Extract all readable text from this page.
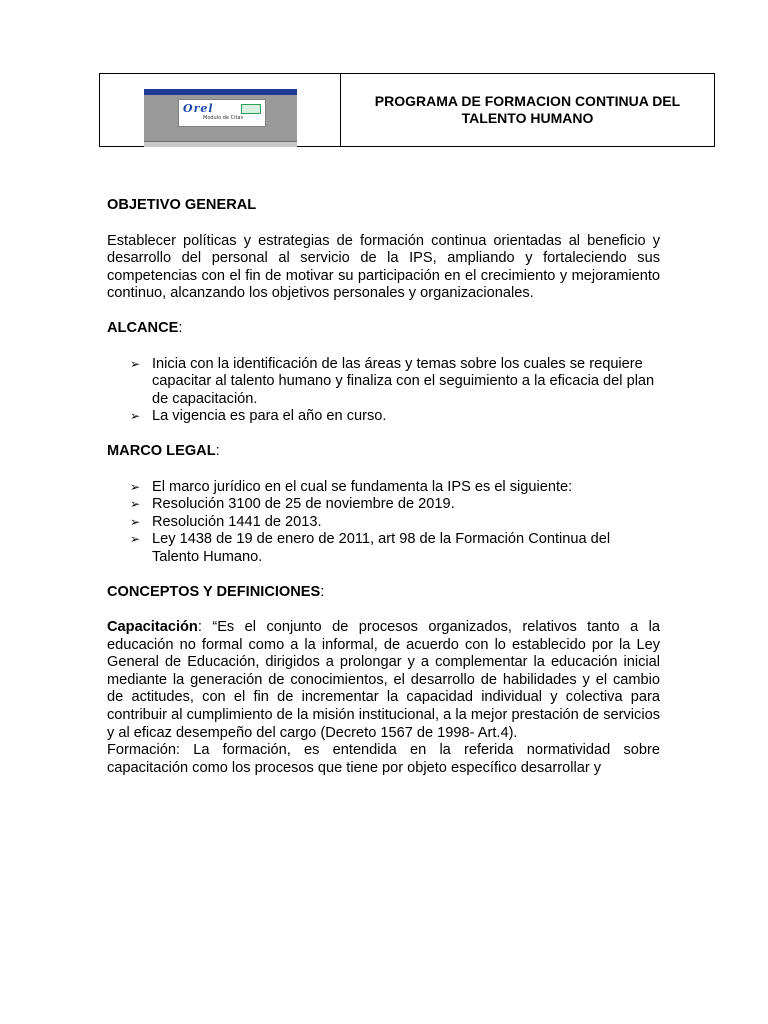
Orel
Modulo de Citas
PROGRAMA DE FORMACION CONTINUA DEL TALENTO HUMANO

OBJETIVO GENERAL

Establecer políticas y estrategias de formación continua orientadas al beneficio y desarrollo del personal al servicio de la IPS, ampliando y fortaleciendo sus competencias con el fin de motivar su participación en el crecimiento y mejoramiento continuo, alcanzando los objetivos personales y organizacionales.

ALCANCE:

➢ Inicia con la identificación de las áreas y temas sobre los cuales se requiere capacitar al talento humano y finaliza con el seguimiento a la eficacia del plan de capacitación.
➢ La vigencia es para el año en curso.

MARCO LEGAL:

➢ El marco jurídico en el cual se fundamenta la IPS es el siguiente:
➢ Resolución 3100 de 25 de noviembre de 2019.
➢ Resolución 1441 de 2013.
➢ Ley 1438 de 19 de enero de 2011, art 98 de la Formación Continua del Talento Humano.

CONCEPTOS Y DEFINICIONES:

Capacitación: “Es el conjunto de procesos organizados, relativos tanto a la educación no formal como a la informal, de acuerdo con lo establecido por la Ley General de Educación, dirigidos a prolongar y a complementar la educación inicial mediante la generación de conocimientos, el desarrollo de habilidades y el cambio de actitudes, con el fin de incrementar la capacidad individual y colectiva para contribuir al cumplimiento de la misión institucional, a la mejor prestación de servicios y al eficaz desempeño del cargo (Decreto 1567 de 1998- Art.4).

Formación: La formación, es entendida en la referida normatividad sobre capacitación como los procesos que tiene por objeto específico desarrollar y
